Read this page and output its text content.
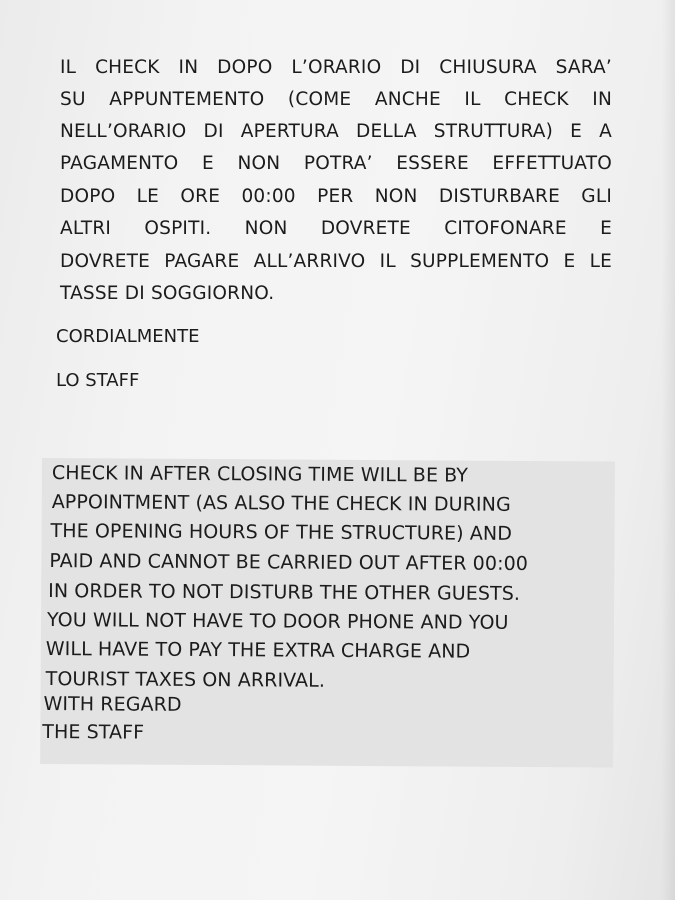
IL CHECK IN DOPO L’ORARIO DI CHIUSURA SARA’
SU APPUNTEMENTO (COME ANCHE IL CHECK IN
NELL’ORARIO DI APERTURA DELLA STRUTTURA) E A
PAGAMENTO E NON POTRA’ ESSERE EFFETTUATO
DOPO LE ORE 00:00 PER NON DISTURBARE GLI
ALTRI OSPITI. NON DOVRETE CITOFONARE E
DOVRETE PAGARE ALL’ARRIVO IL SUPPLEMENTO E LE
TASSE DI SOGGIORNO.
CORDIALMENTE
LO STAFF
CHECK IN AFTER CLOSING TIME WILL BE BY
APPOINTMENT (AS ALSO THE CHECK IN DURING
THE OPENING HOURS OF THE STRUCTURE) AND
PAID AND CANNOT BE CARRIED OUT AFTER 00:00
IN ORDER TO NOT DISTURB THE OTHER GUESTS.
YOU WILL NOT HAVE TO DOOR PHONE AND YOU
WILL HAVE TO PAY THE EXTRA CHARGE AND
TOURIST TAXES ON ARRIVAL.
WITH REGARD
THE STAFF
